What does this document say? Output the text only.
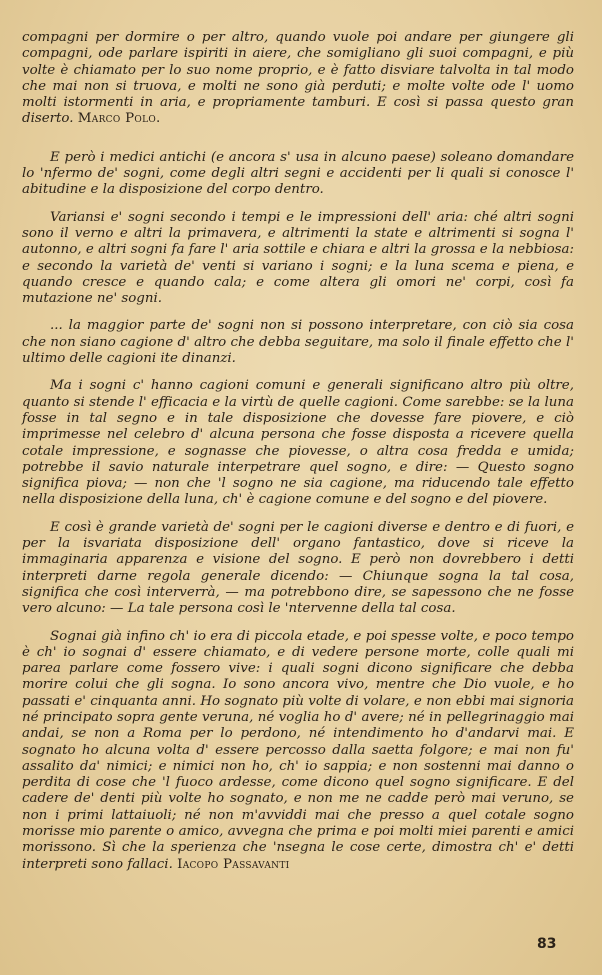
compagni per dormire o per altro, quando vuole poi andare per giungere gli compagni, ode parlare ispiriti in aiere, che somigliano gli suoi compagni, e più volte è chiamato per lo suo nome proprio, e è fatto disviare talvolta in tal modo che mai non si truova, e molti ne sono già perduti; e molte volte ode l' uomo molti istormenti in aria, e propriamente tamburi. E così si passa questo gran diserto. Marco Polo.

E però i medici antichi (e ancora s' usa in alcuno paese) soleano domandare lo 'nfermo de' sogni, come degli altri segni e accidenti per li quali si conosce l' abitudine e la disposizione del corpo dentro.

Variansi e' sogni secondo i tempi e le impressioni dell' aria: ché altri sogni sono il verno e altri la primavera, e altrimenti la state e altrimenti si sogna l' autonno, e altri sogni fa fare l' aria sottile e chiara e altri la grossa e la nebbiosa: e secondo la varietà de' venti si variano i sogni; e la luna scema e piena, e quando cresce e quando cala; e come altera gli omori ne' corpi, così fa mutazione ne' sogni.

... la maggior parte de' sogni non si possono interpretare, con ciò sia cosa che non siano cagione d' altro che debba seguitare, ma solo il finale effetto che l' ultimo delle cagioni ite dinanzi.

Ma i sogni c' hanno cagioni comuni e generali significano altro più oltre, quanto si stende l' efficacia e la virtù de quelle cagioni. Come sarebbe: se la luna fosse in tal segno e in tale disposizione che dovesse fare piovere, e ciò imprimesse nel celebro d' alcuna persona che fosse disposta a ricevere quella cotale impressione, e sognasse che piovesse, o altra cosa fredda e umida; potrebbe il savio naturale interpetrare quel sogno, e dire: — Questo sogno significa piova; — non che 'l sogno ne sia cagione, ma riducendo tale effetto nella disposizione della luna, ch' è cagione comune e del sogno e del piovere.

E così è grande varietà de' sogni per le cagioni diverse e dentro e di fuori, e per la isvariata disposizione dell' organo fantastico, dove si riceve la immaginaria apparenza e visione del sogno. E però non dovrebbero i detti interpreti darne regola generale dicendo: — Chiunque sogna la tal cosa, significa che così interverrà, — ma potrebbono dire, se sapessono che ne fosse vero alcuno: — La tale persona così le 'ntervenne della tal cosa.

Sognai già infino ch' io era di piccola etade, e poi spesse volte, e poco tempo è ch' io sognai d' essere chiamato, e di vedere persone morte, colle quali mi parea parlare come fossero vive: i quali sogni dicono significare che debba morire colui che gli sogna. Io sono ancora vivo, mentre che Dio vuole, e ho passati e' cinquanta anni. Ho sognato più volte di volare, e non ebbi mai signoria né principato sopra gente veruna, né voglia ho d' avere; né in pellegrinaggio mai andai, se non a Roma per lo perdono, né intendimento ho d'andarvi mai. E sognato ho alcuna volta d' essere percosso dalla saetta folgore; e mai non fu' assalito da' nimici; e nimici non ho, ch' io sappia; e non sostenni mai danno o perdita di cose che 'l fuoco ardesse, come dicono quel sogno significare. E del cadere de' denti più volte ho sognato, e non me ne cadde però mai veruno, se non i primi lattaiuoli; né non m'avviddi mai che presso a quel cotale sogno morisse mio parente o amico, avvegna che prima e poi molti miei parenti e amici morissono. Sì che la sperienza che 'nsegna le cose certe, dimostra ch' e' detti interpreti sono fallaci. Iacopo Passavanti

83
